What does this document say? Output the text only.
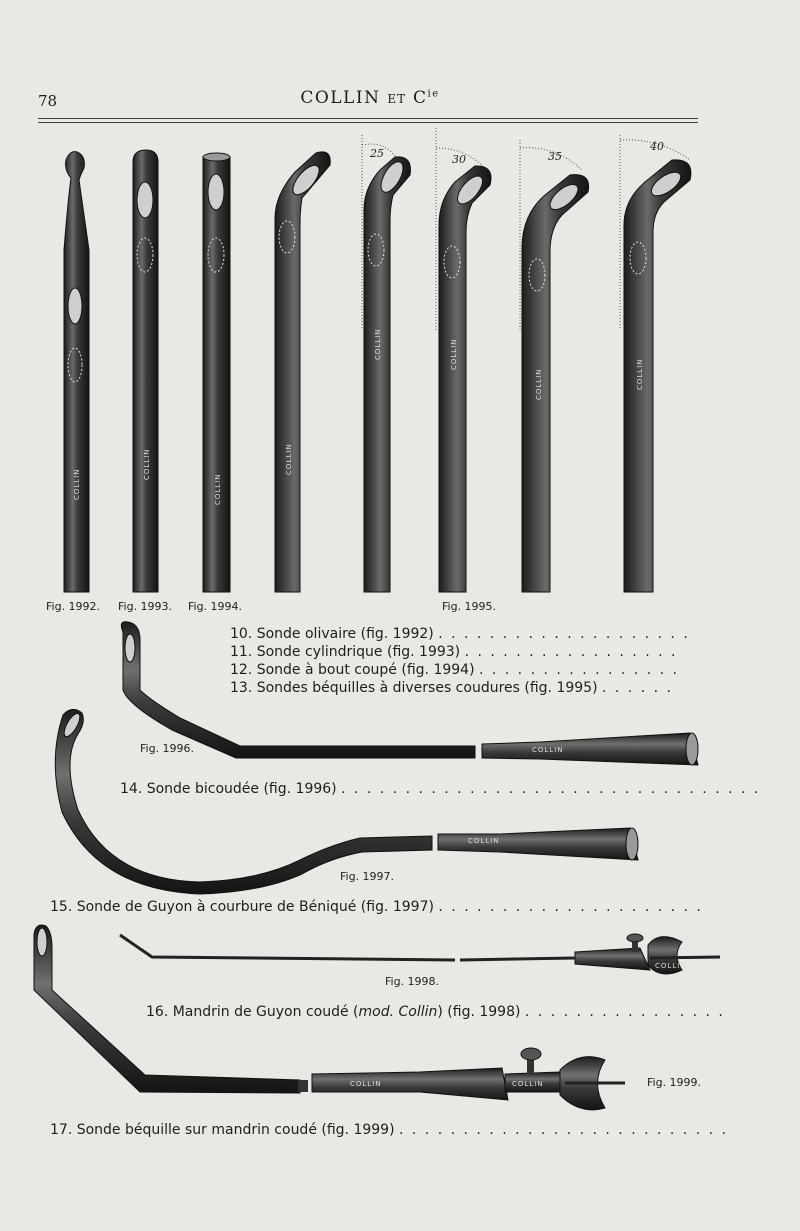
78	COLLIN ET $C^{ie}$
COLLIN
COLLIN
COLLIN
COLLIN
25
COLLIN
30
COLLIN
35
COLLIN
40
COLLIN
COLLIN
COLLIN
COLLIN
COLLIN	COLLIN
Fig. 1992. Fig. 1993. Fig. 1994.	Fig. 1995.
10. Sonde olivaire (fig. 1992) . . . . . . . . . . . . . . . . . . . .
11. Sonde cylindrique (fig. 1993) . . . . . . . . . . . . . . . . .
12. Sonde à bout coupé (fig. 1994) . . . . . . . . . . . . . . . .
13. Sondes béquilles à diverses coudures (fig. 1995) . . . . . .
Fig. 1996.
14. Sonde bicoudée (fig. 1996) . . . . . . . . . . . . . . . . . . . . . . . . . . . . . . . . .
Fig. 1997.
15. Sonde de Guyon à courbure de Béniqué (fig. 1997) . . . . . . . . . . . . . . . . . . . . .
Fig. 1998.
16. Mandrin de Guyon coudé (mod. Collin) (fig. 1998) . . . . . . . . . . . . . . . .
Fig. 1999.
17. Sonde béquille sur mandrin coudé (fig. 1999) . . . . . . . . . . . . . . . . . . . . . . . . . .
